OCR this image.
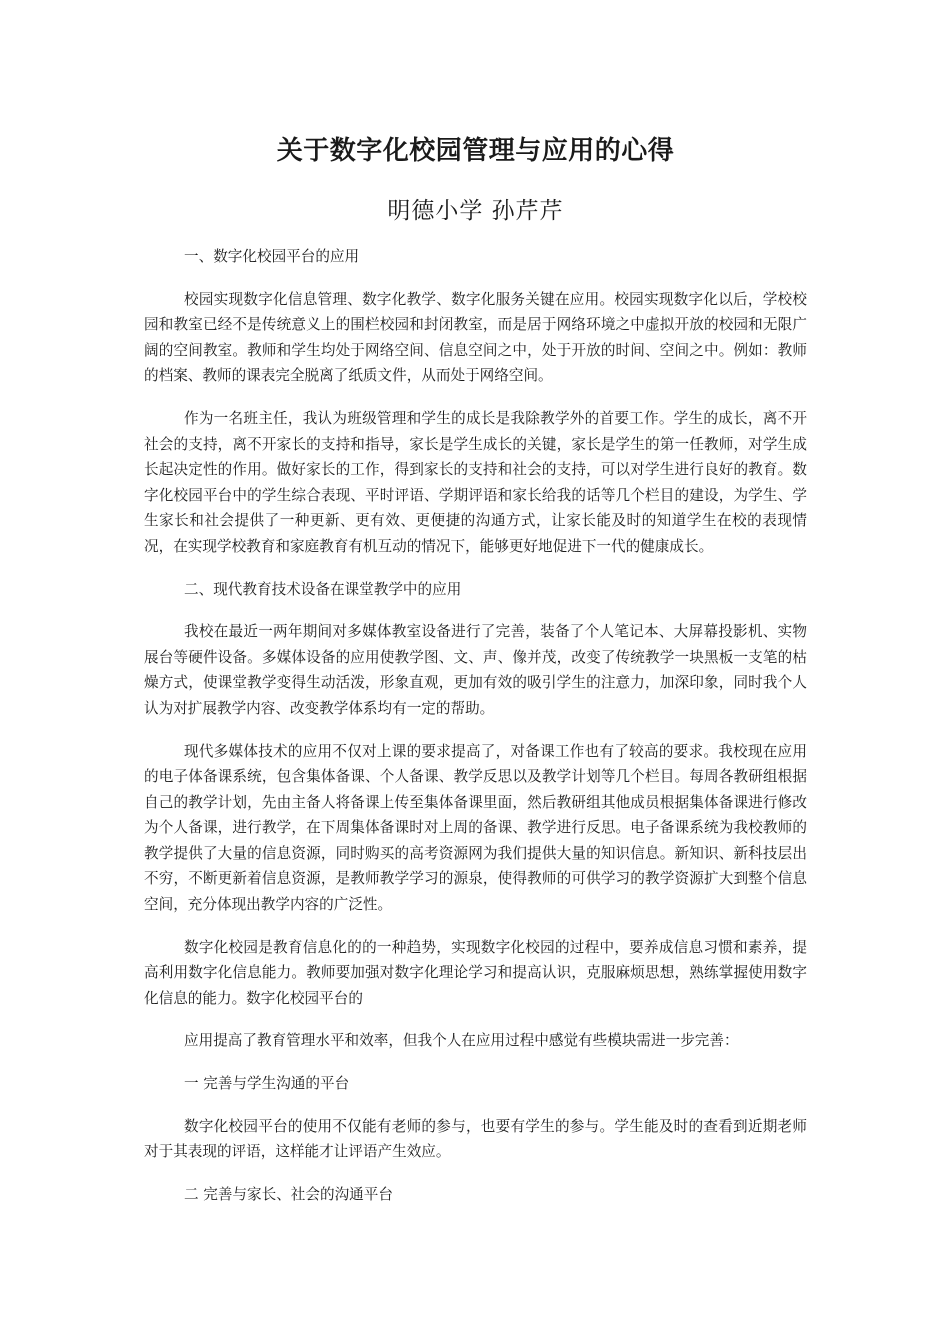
关于数字化校园管理与应用的心得
明德小学 孙芹芹
一、数字化校园平台的应用

校园实现数字化信息管理、数字化教学、数字化服务关键在应用。校园实现数字化以后，学校校园和教室已经不是传统意义上的围栏校园和封闭教室，而是居于网络环境之中虚拟开放的校园和无限广阔的空间教室。教师和学生均处于网络空间、信息空间之中，处于开放的时间、空间之中。例如：教师的档案、教师的课表完全脱离了纸质文件，从而处于网络空间。

作为一名班主任，我认为班级管理和学生的成长是我除教学外的首要工作。学生的成长，离不开社会的支持，离不开家长的支持和指导，家长是学生成长的关键，家长是学生的第一任教师，对学生成长起决定性的作用。做好家长的工作，得到家长的支持和社会的支持，可以对学生进行良好的教育。数字化校园平台中的学生综合表现、平时评语、学期评语和家长给我的话等几个栏目的建设，为学生、学生家长和社会提供了一种更新、更有效、更便捷的沟通方式，让家长能及时的知道学生在校的表现情况，在实现学校教育和家庭教育有机互动的情况下，能够更好地促进下一代的健康成长。

二、现代教育技术设备在课堂教学中的应用

我校在最近一两年期间对多媒体教室设备进行了完善，装备了个人笔记本、大屏幕投影机、实物展台等硬件设备。多媒体设备的应用使教学图、文、声、像并茂，改变了传统教学一块黑板一支笔的枯燥方式，使课堂教学变得生动活泼，形象直观，更加有效的吸引学生的注意力，加深印象，同时我个人认为对扩展教学内容、改变教学体系均有一定的帮助。

现代多媒体技术的应用不仅对上课的要求提高了，对备课工作也有了较高的要求。我校现在应用的电子体备课系统，包含集体备课、个人备课、教学反思以及教学计划等几个栏目。每周各教研组根据自己的教学计划，先由主备人将备课上传至集体备课里面，然后教研组其他成员根据集体备课进行修改为个人备课，进行教学，在下周集体备课时对上周的备课、教学进行反思。电子备课系统为我校教师的教学提供了大量的信息资源，同时购买的高考资源网为我们提供大量的知识信息。新知识、新科技层出不穷，不断更新着信息资源，是教师教学学习的源泉，使得教师的可供学习的教学资源扩大到整个信息空间，充分体现出教学内容的广泛性。

数字化校园是教育信息化的的一种趋势，实现数字化校园的过程中，要养成信息习惯和素养，提高利用数字化信息能力。教师要加强对数字化理论学习和提高认识，克服麻烦思想，熟练掌握使用数字化信息的能力。数字化校园平台的

应用提高了教育管理水平和效率，但我个人在应用过程中感觉有些模块需进一步完善：

一 完善与学生沟通的平台

数字化校园平台的使用不仅能有老师的参与，也要有学生的参与。学生能及时的查看到近期老师对于其表现的评语，这样能才让评语产生效应。

二 完善与家长、社会的沟通平台
